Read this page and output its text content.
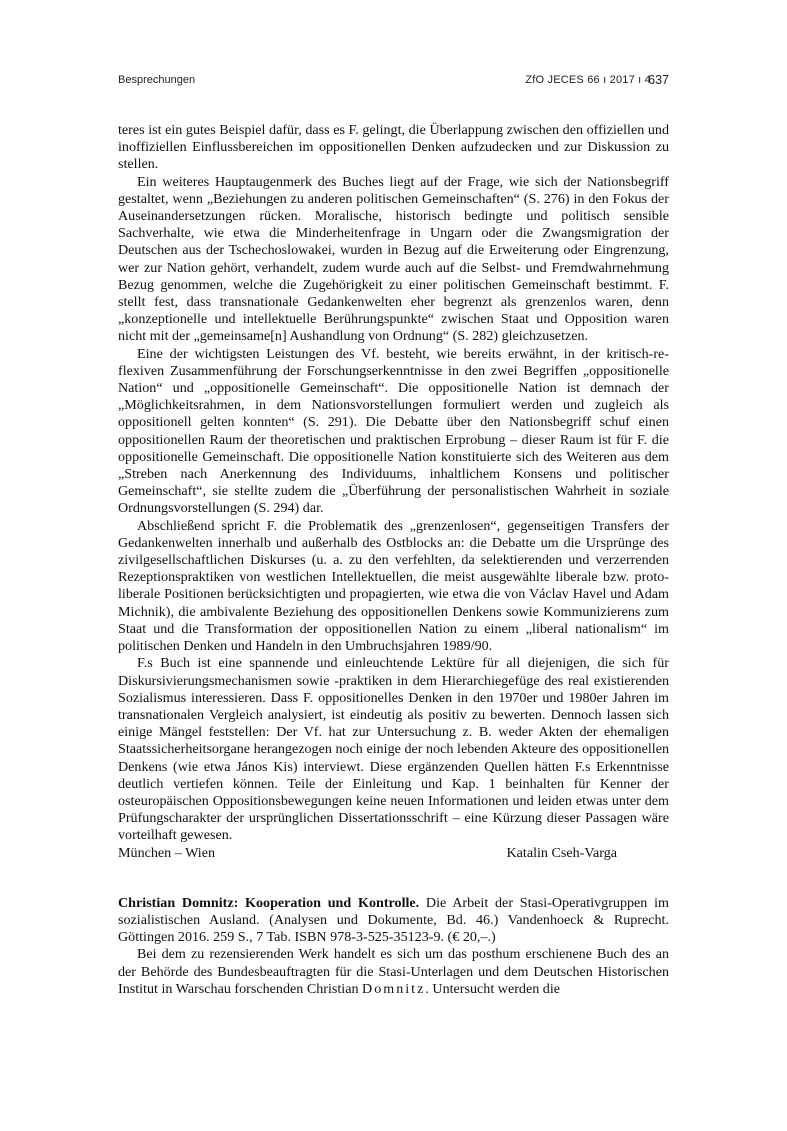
Besprechungen	ZfO JECES 66 ı 2017 ı 4
637

teres ist ein gutes Beispiel dafür, dass es F. gelingt, die Überlappung zwischen den offiziellen und inoffiziellen Einflussbereichen im oppositionellen Denken aufzudecken und zur Diskussion zu stellen.

Ein weiteres Hauptaugenmerk des Buches liegt auf der Frage, wie sich der Nationsbegriff gestaltet, wenn „Beziehungen zu anderen politischen Gemeinschaften“ (S. 276) in den Fokus der Auseinandersetzungen rücken. Moralische, historisch bedingte und politisch sensible Sachverhalte, wie etwa die Minderheitenfrage in Ungarn oder die Zwangsmigration der Deutschen aus der Tschechoslowakei, wurden in Bezug auf die Erweiterung oder Eingrenzung, wer zur Nation gehört, verhandelt, zudem wurde auch auf die Selbst- und Fremdwahrnehmung Bezug genommen, welche die Zugehörigkeit zu einer politischen Gemeinschaft bestimmt. F. stellt fest, dass transnationale Gedankenwelten eher begrenzt als grenzenlos waren, denn „konzeptionelle und intellektuelle Berührungspunkte“ zwischen Staat und Opposition waren nicht mit der „gemeinsame[n] Aushandlung von Ordnung“ (S. 282) gleichzusetzen.

Eine der wichtigsten Leistungen des Vf. besteht, wie bereits erwähnt, in der kritisch-reflexiven Zusammenführung der Forschungserkenntnisse in den zwei Begriffen „oppositionelle Nation“ und „oppositionelle Gemeinschaft“. Die oppositionelle Nation ist demnach der „Möglichkeitsrahmen, in dem Nationsvorstellungen formuliert werden und zugleich als oppositionell gelten konnten“ (S. 291). Die Debatte über den Nationsbegriff schuf einen oppositionellen Raum der theoretischen und praktischen Erprobung – dieser Raum ist für F. die oppositionelle Gemeinschaft. Die oppositionelle Nation konstituierte sich des Weiteren aus dem „Streben nach Anerkennung des Individuums, inhaltlichem Konsens und politischer Gemeinschaft“, sie stellte zudem die „Überführung der personalistischen Wahrheit in soziale Ordnungsvorstellungen (S. 294) dar.

Abschließend spricht F. die Problematik des „grenzenlosen“, gegenseitigen Transfers der Gedankenwelten innerhalb und außerhalb des Ostblocks an: die Debatte um die Ursprünge des zivilgesellschaftlichen Diskurses (u. a. zu den verfehlten, da selektierenden und verzerrenden Rezeptionspraktiken von westlichen Intellektuellen, die meist ausgewählte liberale bzw. proto-liberale Positionen berücksichtigten und propagierten, wie etwa die von Václav Havel und Adam Michnik), die ambivalente Beziehung des oppositionellen Denkens sowie Kommunizierens zum Staat und die Transformation der oppositionellen Nation zu einem „liberal nationalism“ im politischen Denken und Handeln in den Umbruchsjahren 1989/90.

F.s Buch ist eine spannende und einleuchtende Lektüre für all diejenigen, die sich für Diskursivierungsmechanismen sowie -praktiken in dem Hierarchiegefüge des real existierenden Sozialismus interessieren. Dass F. oppositionelles Denken in den 1970er und 1980er Jahren im transnationalen Vergleich analysiert, ist eindeutig als positiv zu bewerten. Dennoch lassen sich einige Mängel feststellen: Der Vf. hat zur Untersuchung z. B. weder Akten der ehemaligen Staatssicherheitsorgane herangezogen noch einige der noch lebenden Akteure des oppositionellen Denkens (wie etwa János Kis) interviewt. Diese ergänzenden Quellen hätten F.s Erkenntnisse deutlich vertiefen können. Teile der Einleitung und Kap. 1 beinhalten für Kenner der osteuropäischen Oppositionsbewegungen keine neuen Informationen und leiden etwas unter dem Prüfungscharakter der ursprünglichen Dissertationsschrift – eine Kürzung dieser Passagen wäre vorteilhaft gewesen.

München – Wien	Katalin Cseh-Varga

Christian Domnitz: Kooperation und Kontrolle. Die Arbeit der Stasi-Operativgruppen im sozialistischen Ausland. (Analysen und Dokumente, Bd. 46.) Vandenhoeck & Ruprecht. Göttingen 2016. 259 S., 7 Tab. ISBN 978-3-525-35123-9. (€ 20,–.)

Bei dem zu rezensierenden Werk handelt es sich um das posthum erschienene Buch des an der Behörde des Bundesbeauftragten für die Stasi-Unterlagen und dem Deutschen Historischen Institut in Warschau forschenden Christian Domnitz. Untersucht werden die
